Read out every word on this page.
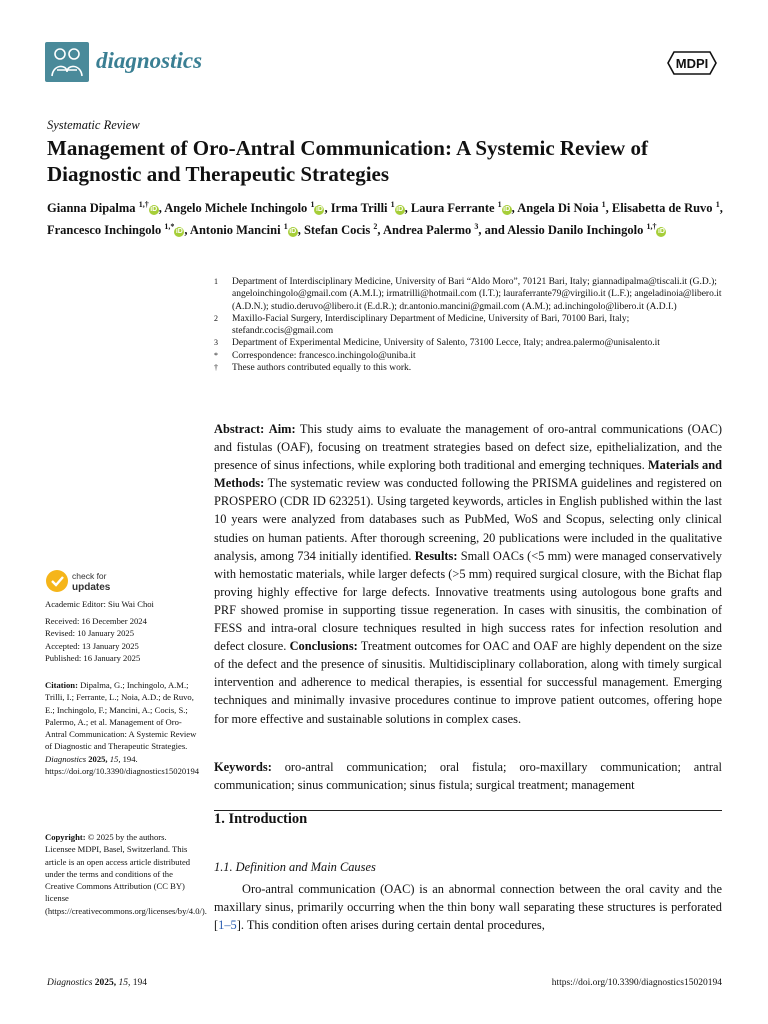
diagnostics	MDPI
Systematic Review
Management of Oro-Antral Communication: A Systemic Review of Diagnostic and Therapeutic Strategies
Gianna Dipalma $^{1,\dagger}$iD , Angelo Michele Inchingolo $^1$iD , Irma Trilli $^1$iD , Laura Ferrante $^1$iD , Angela Di Noia $^1$, Elisabetta de Ruvo $^1$, Francesco Inchingolo $^{1,*}$iD , Antonio Mancini $^1$iD , Stefan Cocis $^2$, Andrea Palermo $^3$, and Alessio Danilo Inchingolo $^{1,\dagger}$iD
1	Department of Interdisciplinary Medicine, University of Bari “Aldo Moro”, 70121 Bari, Italy; giannadipalma@tiscali.it (G.D.); angeloinchingolo@gmail.com (A.M.I.); irmatrilli@hotmail.com (I.T.); lauraferrante79@virgilio.it (L.F.); angeladinoia@libero.it (A.D.N.); studio.deruvo@libero.it (E.d.R.); dr.antonio.mancini@gmail.com (A.M.); ad.inchingolo@libero.it (A.D.I.)
2	Maxillo-Facial Surgery, Interdisciplinary Department of Medicine, University of Bari, 70100 Bari, Italy; stefandr.cocis@gmail.com
3	Department of Experimental Medicine, University of Salento, 73100 Lecce, Italy; andrea.palermo@unisalento.it
*	Correspondence: francesco.inchingolo@uniba.it
†	These authors contributed equally to this work.
Abstract: Aim: This study aims to evaluate the management of oro-antral communications (OAC) and fistulas (OAF), focusing on treatment strategies based on defect size, epithelialization, and the presence of sinus infections, while exploring both traditional and emerging techniques. Materials and Methods: The systematic review was conducted following the PRISMA guidelines and registered on PROSPERO (CDR ID 623251). Using targeted keywords, articles in English published within the last 10 years were analyzed from databases such as PubMed, WoS and Scopus, selecting only clinical studies on human patients. After thorough screening, 20 publications were included in the qualitative analysis, among 734 initially identified. Results: Small OACs (<5 mm) were managed conservatively with hemostatic materials, while larger defects (>5 mm) required surgical closure, with the Bichat flap proving highly effective for large defects. Innovative treatments using autologous bone grafts and PRF showed promise in supporting tissue regeneration. In cases with sinusitis, the combination of FESS and intra-oral closure techniques resulted in high success rates for infection resolution and defect closure. Conclusions: Treatment outcomes for OAC and OAF are highly dependent on the size of the defect and the presence of sinusitis. Multidisciplinary collaboration, along with timely surgical intervention and adherence to medical therapies, is essential for successful management. Emerging techniques and minimally invasive procedures continue to improve patient outcomes, offering hope for more effective and sustainable solutions in complex cases.
Keywords: oro-antral communication; oral fistula; oro-maxillary communication; antral communication; sinus communication; sinus fistula; surgical treatment; management
1. Introduction
1.1. Definition and Main Causes
Oro-antral communication (OAC) is an abnormal connection between the oral cavity and the maxillary sinus, primarily occurring when the thin bony wall separating these structures is perforated [1–5]. This condition often arises during certain dental procedures,
check for
updates
Academic Editor: Siu Wai Choi
Received: 16 December 2024
Revised: 10 January 2025
Accepted: 13 January 2025
Published: 16 January 2025
Citation: Dipalma, G.; Inchingolo, A.M.; Trilli, I.; Ferrante, L.; Noia, A.D.; de Ruvo, E.; Inchingolo, F.; Mancini, A.; Cocis, S.; Palermo, A.; et al. Management of Oro-Antral Communication: A Systemic Review of Diagnostic and Therapeutic Strategies. Diagnostics 2025, 15, 194. https://doi.org/10.3390/diagnostics15020194
Copyright: © 2025 by the authors. Licensee MDPI, Basel, Switzerland. This article is an open access article distributed under the terms and conditions of the Creative Commons Attribution (CC BY) license (https://creativecommons.org/licenses/by/4.0/).
Diagnostics 2025, 15, 194	https://doi.org/10.3390/diagnostics15020194
